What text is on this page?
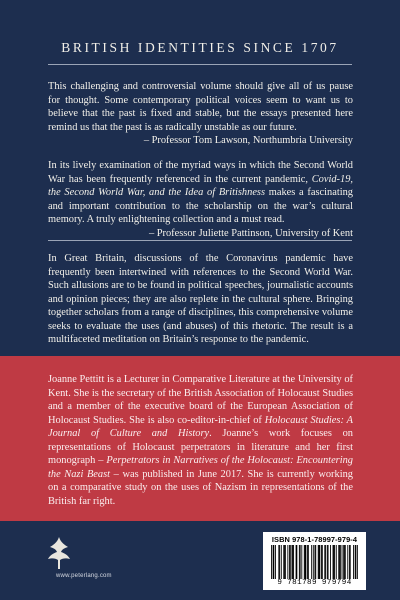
BRITISH IDENTITIES SINCE 1707
This challenging and controversial volume should give all of us pause for thought. Some contemporary political voices seem to want us to believe that the past is fixed and stable, but the essays presented here remind us that the past is as radically unstable as our future.
– Professor Tom Lawson, Northumbria University
In its lively examination of the myriad ways in which the Second World War has been frequently referenced in the current pandemic, Covid-19, the Second World War, and the Idea of Britishness makes a fascinating and important contribution to the scholarship on the war’s cultural memory. A truly enlightening collection and a must read.
– Professor Juliette Pattinson, University of Kent
In Great Britain, discussions of the Coronavirus pandemic have frequently been intertwined with references to the Second World War. Such allusions are to be found in political speeches, journalistic accounts and opinion pieces; they are also replete in the cultural sphere. Bringing together scholars from a range of disciplines, this comprehensive volume seeks to evaluate the uses (and abuses) of this rhetoric. The result is a multifaceted meditation on Britain’s response to the pandemic.
Joanne Pettitt is a Lecturer in Comparative Literature at the University of Kent. She is the secretary of the British Association of Holocaust Studies and a member of the executive board of the European Association of Holocaust Studies. She is also co-editor-in-chief of Holocaust Studies: A Journal of Culture and History. Joanne’s work focuses on representations of Holocaust perpetrators in literature and her first monograph – Perpetrators in Narratives of the Holocaust: Encountering the Nazi Beast – was published in June 2017. She is currently working on a comparative study on the uses of Nazism in representations of the British far right.
www.peterlang.com
ISBN 978-1-78997-979-4
9 781789 979794
